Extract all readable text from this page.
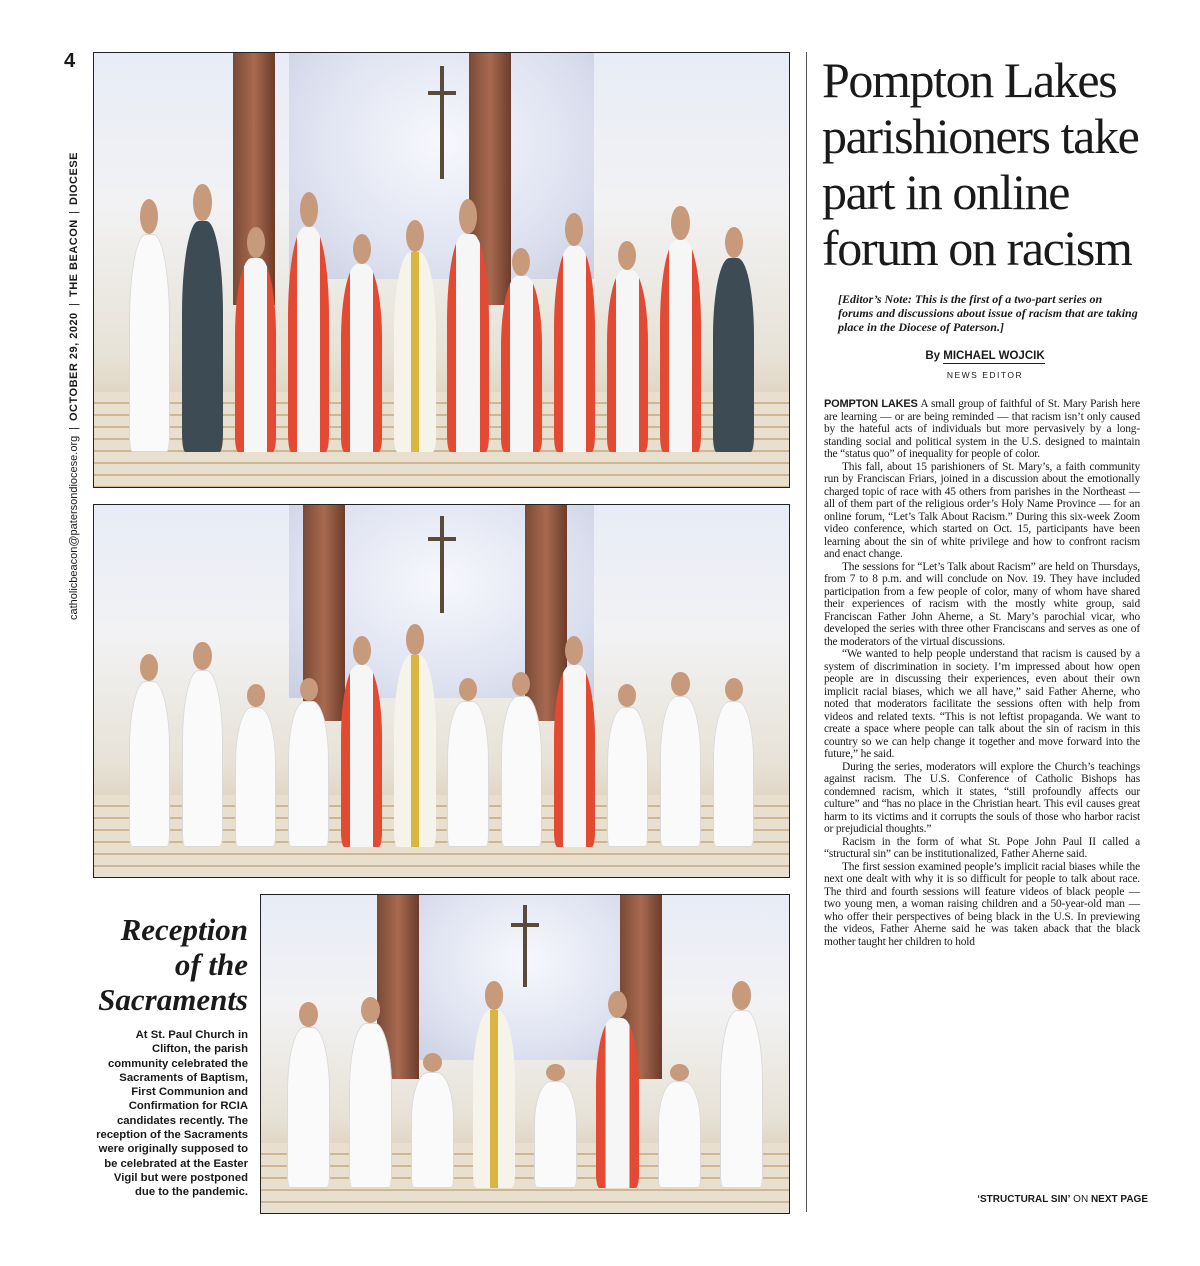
4
catholicbeacon@patersondiocese.org
|
OCTOBER 29, 2020
|
THE BEACON
|
DIOCESE
Reception of the Sacraments
At St. Paul Church in Clifton, the parish community celebrated the Sacraments of Baptism, First Communion and Confirmation for RCIA candidates recently. The reception of the Sacraments were originally supposed to be celebrated at the Easter Vigil but were postponed due to the pandemic.
Pompton Lakes parishioners take part in online forum on racism
[Editor’s Note: This is the first of a two-part series on forums and discussions about issue of racism that are taking place in the Diocese of Paterson.]
By MICHAEL WOJCIK
NEWS EDITOR

POMPTON LAKES A small group of faithful of St. Mary Parish here are learning — or are being reminded — that racism isn’t only caused by the hateful acts of individuals but more pervasively by a long-standing social and political system in the U.S. designed to maintain the “status quo” of inequality for people of color.

This fall, about 15 parishioners of St. Mary’s, a faith community run by Franciscan Friars, joined in a discussion about the emotionally charged topic of race with 45 others from parishes in the Northeast — all of them part of the religious order’s Holy Name Province — for an online forum, “Let’s Talk About Racism.” During this six-week Zoom video conference, which started on Oct. 15, participants have been learning about the sin of white privilege and how to confront racism and enact change.

The sessions for “Let’s Talk about Racism” are held on Thursdays, from 7 to 8 p.m. and will conclude on Nov. 19. They have included participation from a few people of color, many of whom have shared their experiences of racism with the mostly white group, said Franciscan Father John Aherne, a St. Mary’s parochial vicar, who developed the series with three other Franciscans and serves as one of the moderators of the virtual discussions.

“We wanted to help people understand that racism is caused by a system of discrimination in society. I’m impressed about how open people are in discussing their experiences, even about their own implicit racial biases, which we all have,” said Father Aherne, who noted that moderators facilitate the sessions often with help from videos and related texts. “This is not leftist propaganda. We want to create a space where people can talk about the sin of racism in this country so we can help change it together and move forward into the future,” he said.

During the series, moderators will explore the Church’s teachings against racism. The U.S. Conference of Catholic Bishops has condemned racism, which it states, “still profoundly affects our culture” and “has no place in the Christian heart. This evil causes great harm to its victims and it corrupts the souls of those who harbor racist or prejudicial thoughts.”

Racism in the form of what St. Pope John Paul II called a “structural sin” can be institutionalized, Father Aherne said.

The first session examined people’s implicit racial biases while the next one dealt with why it is so difficult for people to talk about race. The third and fourth sessions will feature videos of black people — two young men, a woman raising children and a 50-year-old man — who offer their perspectives of being black in the U.S. In previewing the videos, Father Aherne said he was taken aback that the black mother taught her children to hold

‘STRUCTURAL SIN’ ON NEXT PAGE
